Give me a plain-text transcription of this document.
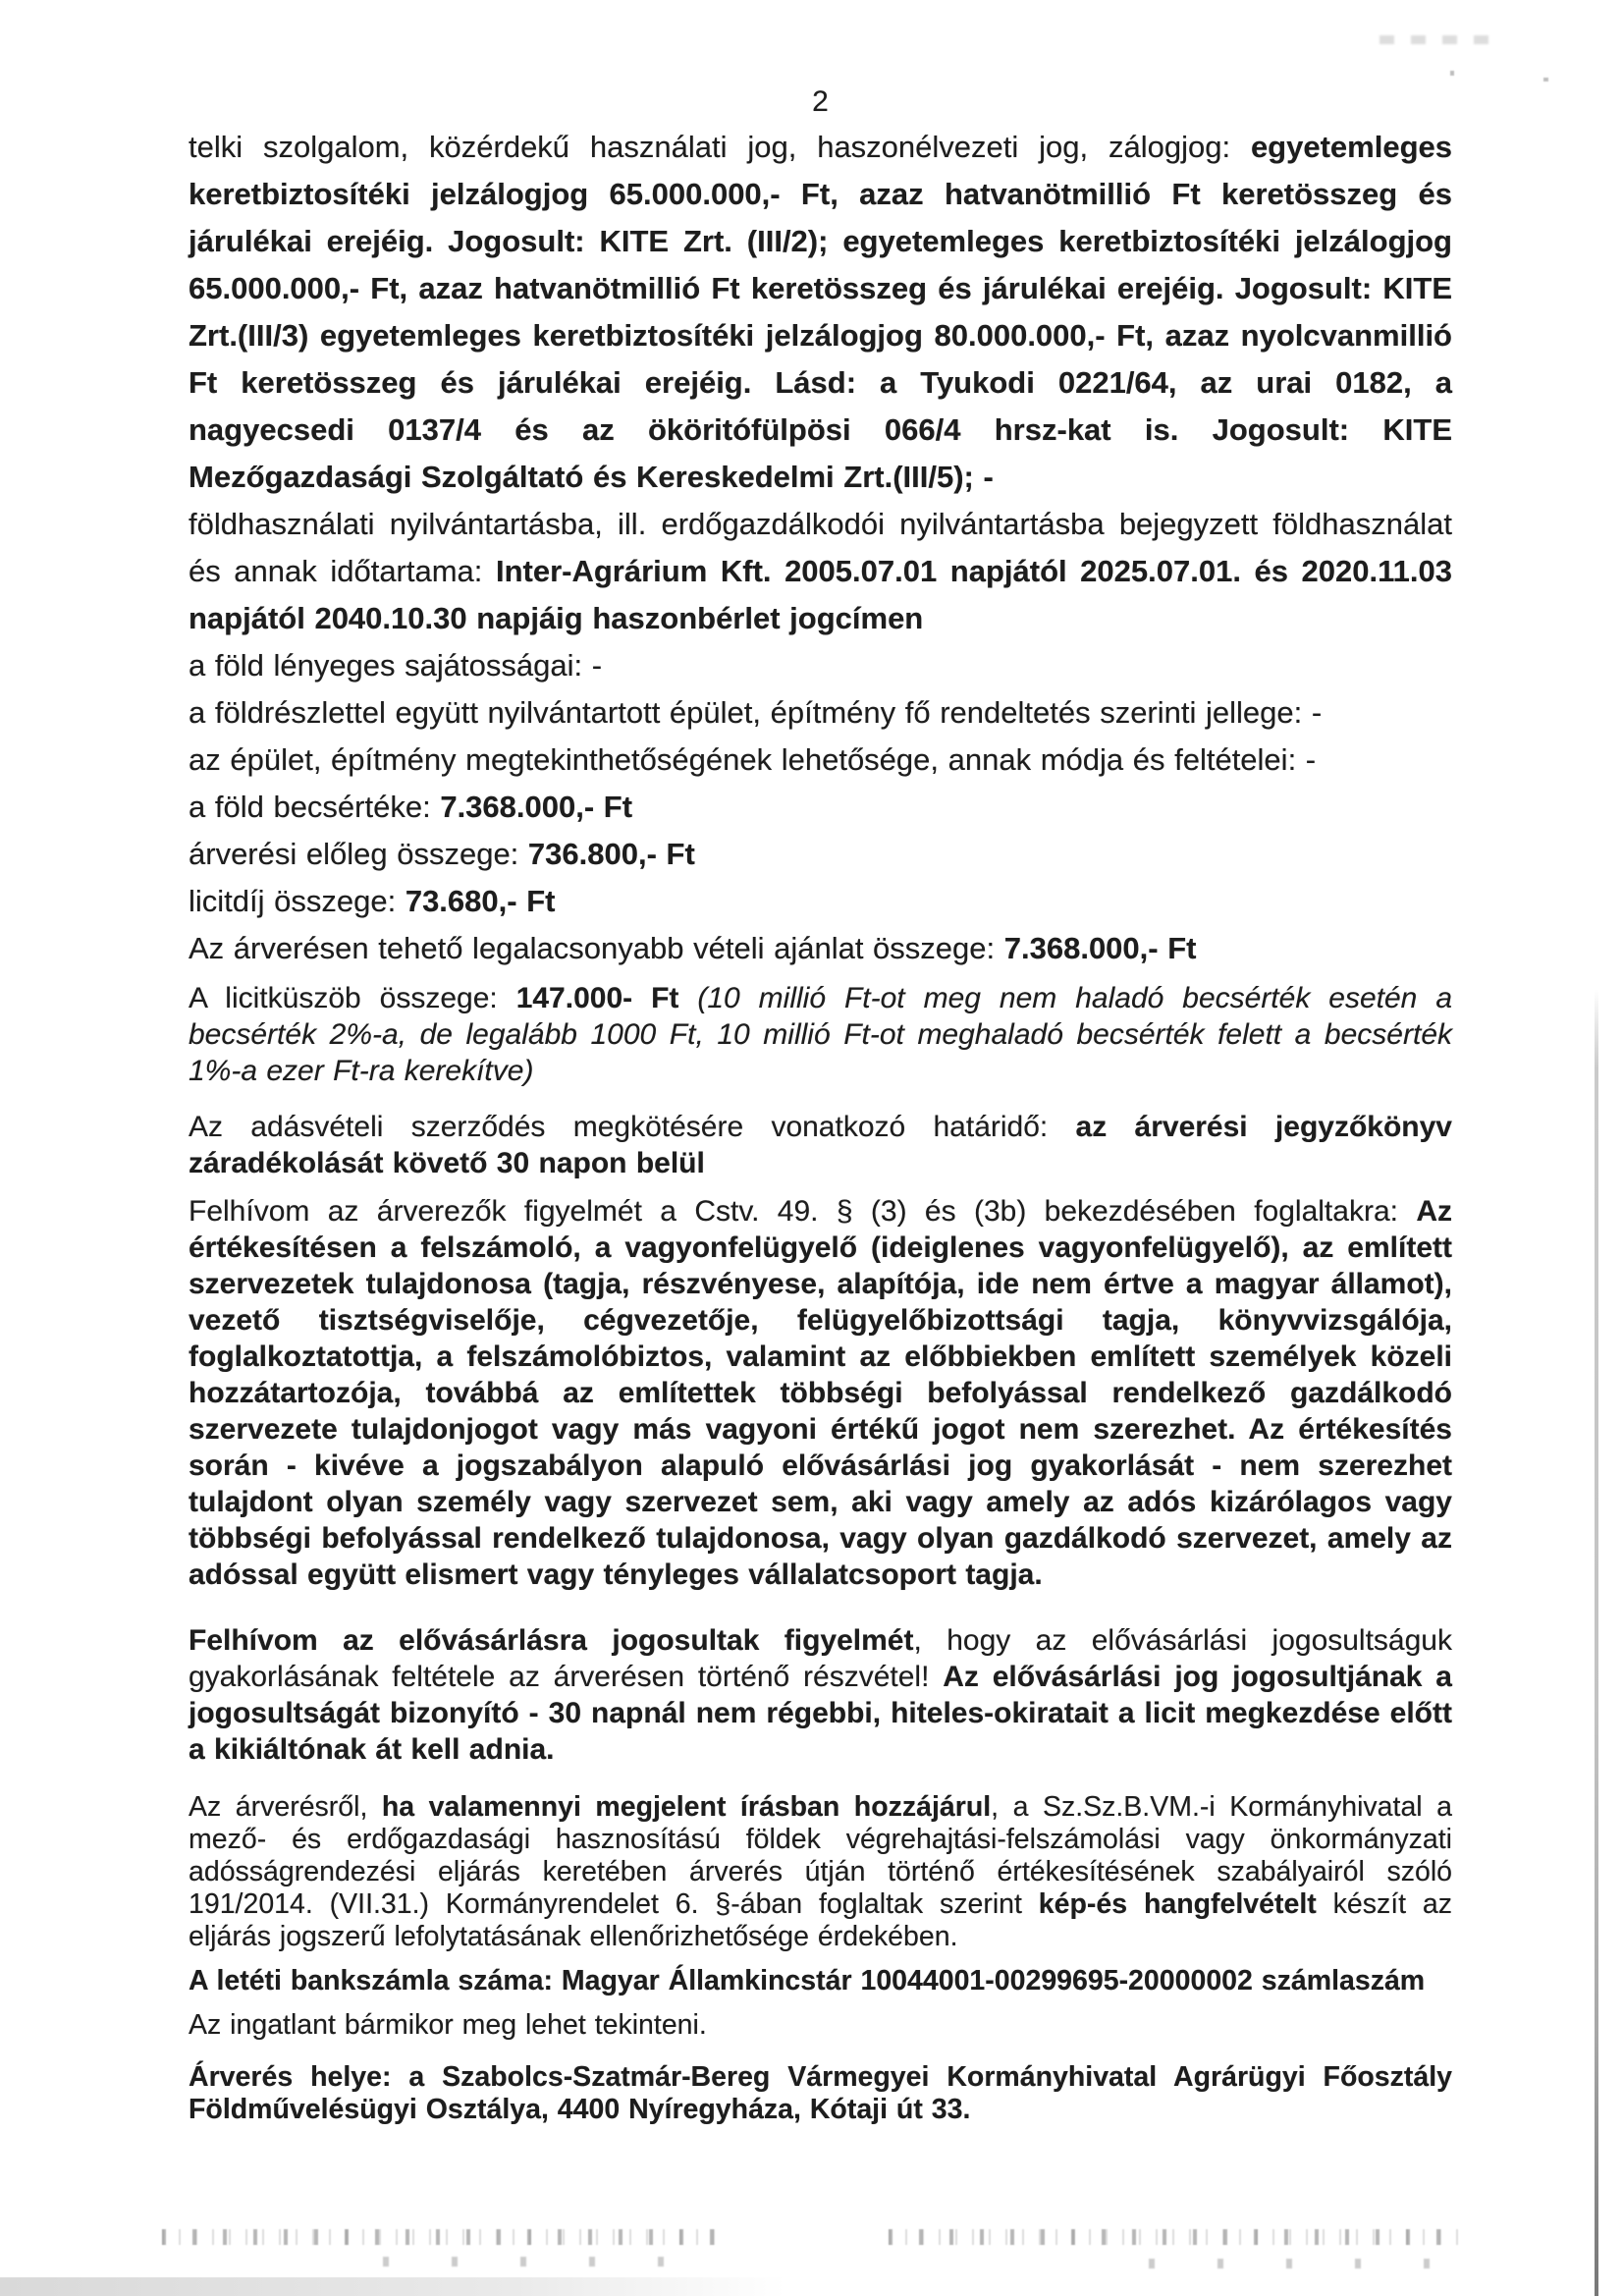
2

telki szolgalom, közérdekű használati jog, haszonélvezeti jog, zálogjog: egyetemleges keretbiztosítéki jelzálogjog 65.000.000,- Ft, azaz hatvanötmillió Ft keretösszeg és járulékai erejéig. Jogosult: KITE Zrt. (III/2); egyetemleges keretbiztosítéki jelzálogjog 65.000.000,- Ft, azaz hatvanötmillió Ft keretösszeg és járulékai erejéig. Jogosult: KITE Zrt.(III/3) egyetemleges keretbiztosítéki jelzálogjog 80.000.000,- Ft, azaz nyolcvanmillió Ft keretösszeg és járulékai erejéig. Lásd: a Tyukodi 0221/64, az urai 0182, a nagyecsedi 0137/4 és az ököritófülpösi 066/4 hrsz-kat is. Jogosult: KITE Mezőgazdasági Szolgáltató és Kereskedelmi Zrt.(III/5); -

földhasználati nyilvántartásba, ill. erdőgazdálkodói nyilvántartásba bejegyzett földhasználat és annak időtartama: Inter-Agrárium Kft. 2005.07.01 napjától 2025.07.01. és 2020.11.03 napjától 2040.10.30 napjáig haszonbérlet jogcímen

a föld lényeges sajátosságai: -

a földrészlettel együtt nyilvántartott épület, építmény fő rendeltetés szerinti jellege: -

az épület, építmény megtekinthetőségének lehetősége, annak módja és feltételei: -

a föld becsértéke: 7.368.000,- Ft

árverési előleg összege: 736.800,- Ft

licitdíj összege: 73.680,- Ft

Az árverésen tehető legalacsonyabb vételi ajánlat összege: 7.368.000,- Ft

A licitküszöb összege: 147.000- Ft (10 millió Ft-ot meg nem haladó becsérték esetén a becsérték 2%-a, de legalább 1000 Ft, 10 millió Ft-ot meghaladó becsérték felett a becsérték 1%-a ezer Ft-ra kerekítve)

Az adásvételi szerződés megkötésére vonatkozó határidő: az árverési jegyzőkönyv záradékolását követő 30 napon belül

Felhívom az árverezők figyelmét a Cstv. 49. § (3) és (3b) bekezdésében foglaltakra: Az értékesítésen a felszámoló, a vagyonfelügyelő (ideiglenes vagyonfelügyelő), az említett szervezetek tulajdonosa (tagja, részvényese, alapítója, ide nem értve a magyar államot), vezető tisztségviselője, cégvezetője, felügyelőbizottsági tagja, könyvvizsgálója, foglalkoztatottja, a felszámolóbiztos, valamint az előbbiekben említett személyek közeli hozzátartozója, továbbá az említettek többségi befolyással rendelkező gazdálkodó szervezete tulajdonjogot vagy más vagyoni értékű jogot nem szerezhet. Az értékesítés során - kivéve a jogszabályon alapuló elővásárlási jog gyakorlását - nem szerezhet tulajdont olyan személy vagy szervezet sem, aki vagy amely az adós kizárólagos vagy többségi befolyással rendelkező tulajdonosa, vagy olyan gazdálkodó szervezet, amely az adóssal együtt elismert vagy tényleges vállalatcsoport tagja.

Felhívom az elővásárlásra jogosultak figyelmét, hogy az elővásárlási jogosultságuk gyakorlásának feltétele az árverésen történő részvétel! Az elővásárlási jog jogosultjának a jogosultságát bizonyító - 30 napnál nem régebbi, hiteles-okiratait a licit megkezdése előtt a kikiáltónak át kell adnia.

Az árverésről, ha valamennyi megjelent írásban hozzájárul, a Sz.Sz.B.VM.-i Kormányhivatal a mező- és erdőgazdasági hasznosítású földek végrehajtási-felszámolási vagy önkormányzati adósságrendezési eljárás keretében árverés útján történő értékesítésének szabályairól szóló 191/2014. (VII.31.) Kormányrendelet 6. §-ában foglaltak szerint kép-és hangfelvételt készít az eljárás jogszerű lefolytatásának ellenőrizhetősége érdekében.

A letéti bankszámla száma: Magyar Államkincstár 10044001-00299695-20000002 számlaszám

Az ingatlant bármikor meg lehet tekinteni.

Árverés helye: a Szabolcs-Szatmár-Bereg Vármegyei Kormányhivatal Agrárügyi Főosztály Földművelésügyi Osztálya, 4400 Nyíregyháza, Kótaji út 33.
